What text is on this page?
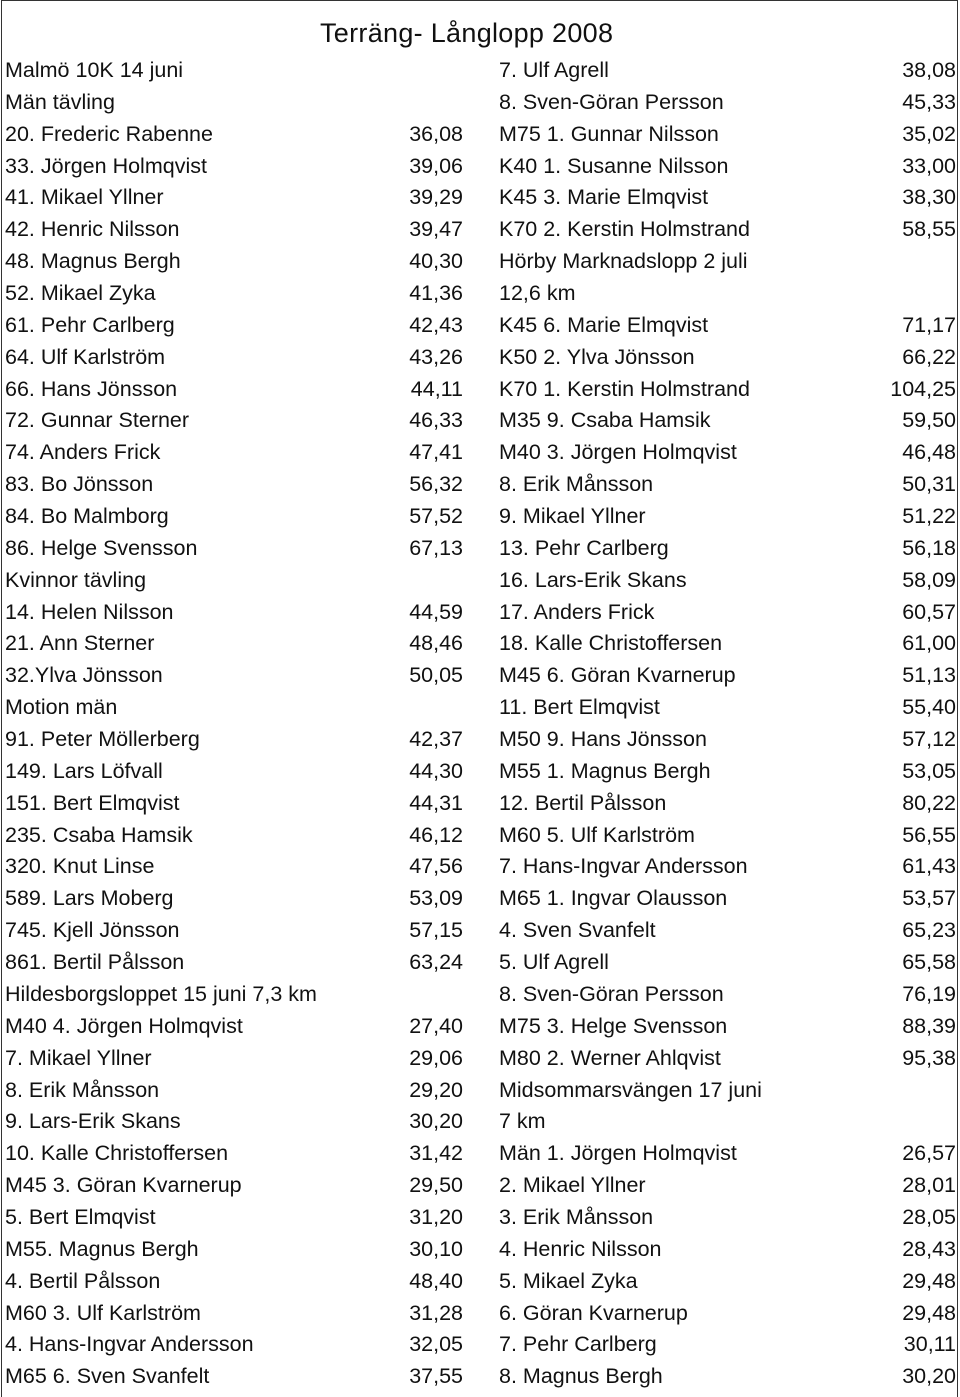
Terräng- Långlopp 2008
Malmö 10K 14 juni
Män tävling
20. Frederic Rabenne	36,08
33. Jörgen Holmqvist	39,06
41. Mikael Yllner	39,29
42. Henric Nilsson	39,47
48. Magnus Bergh	40,30
52. Mikael Zyka	41,36
61. Pehr Carlberg	42,43
64. Ulf Karlström	43,26
66. Hans Jönsson	44,11
72. Gunnar Sterner	46,33
74. Anders Frick	47,41
83. Bo Jönsson	56,32
84. Bo Malmborg	57,52
86. Helge Svensson	67,13
Kvinnor tävling
14. Helen Nilsson	44,59
21. Ann Sterner	48,46
32.Ylva Jönsson	50,05
Motion män
91. Peter Möllerberg	42,37
149. Lars Löfvall	44,30
151. Bert Elmqvist	44,31
235. Csaba Hamsik	46,12
320. Knut Linse	47,56
589. Lars Moberg	53,09
745. Kjell Jönsson	57,15
861. Bertil Pålsson	63,24
Hildesborgsloppet 15 juni 7,3 km
M40 4. Jörgen Holmqvist	27,40
7. Mikael Yllner	29,06
8. Erik Månsson	29,20
9. Lars-Erik Skans	30,20
10. Kalle Christoffersen	31,42
M45 3. Göran Kvarnerup	29,50
5. Bert Elmqvist	31,20
M55. Magnus Bergh	30,10
4. Bertil Pålsson	48,40
M60 3. Ulf Karlström	31,28
4. Hans-Ingvar Andersson	32,05
M65 6. Sven Svanfelt	37,55
7. Ulf Agrell	38,08
8. Sven-Göran Persson	45,33
M75 1. Gunnar Nilsson	35,02
K40 1. Susanne Nilsson	33,00
K45 3. Marie Elmqvist	38,30
K70 2. Kerstin Holmstrand	58,55
Hörby Marknadslopp 2 juli
12,6 km
K45 6. Marie Elmqvist	71,17
K50 2. Ylva Jönsson	66,22
K70 1. Kerstin Holmstrand	104,25
M35 9. Csaba Hamsik	59,50
M40 3. Jörgen Holmqvist	46,48
8. Erik Månsson	50,31
9. Mikael Yllner	51,22
13. Pehr Carlberg	56,18
16. Lars-Erik Skans	58,09
17. Anders Frick	60,57
18. Kalle Christoffersen	61,00
M45 6. Göran Kvarnerup	51,13
11. Bert Elmqvist	55,40
M50 9. Hans Jönsson	57,12
M55 1. Magnus Bergh	53,05
12. Bertil Pålsson	80,22
M60 5. Ulf Karlström	56,55
7. Hans-Ingvar Andersson	61,43
M65 1. Ingvar Olausson	53,57
4. Sven Svanfelt	65,23
5. Ulf Agrell	65,58
8. Sven-Göran Persson	76,19
M75 3. Helge Svensson	88,39
M80 2. Werner Ahlqvist	95,38
Midsommarsvängen 17 juni
7 km
Män 1. Jörgen Holmqvist	26,57
2. Mikael Yllner	28,01
3. Erik Månsson	28,05
4. Henric Nilsson	28,43
5. Mikael Zyka	29,48
6. Göran Kvarnerup	29,48
7. Pehr Carlberg	30,11
8. Magnus Bergh	30,20
